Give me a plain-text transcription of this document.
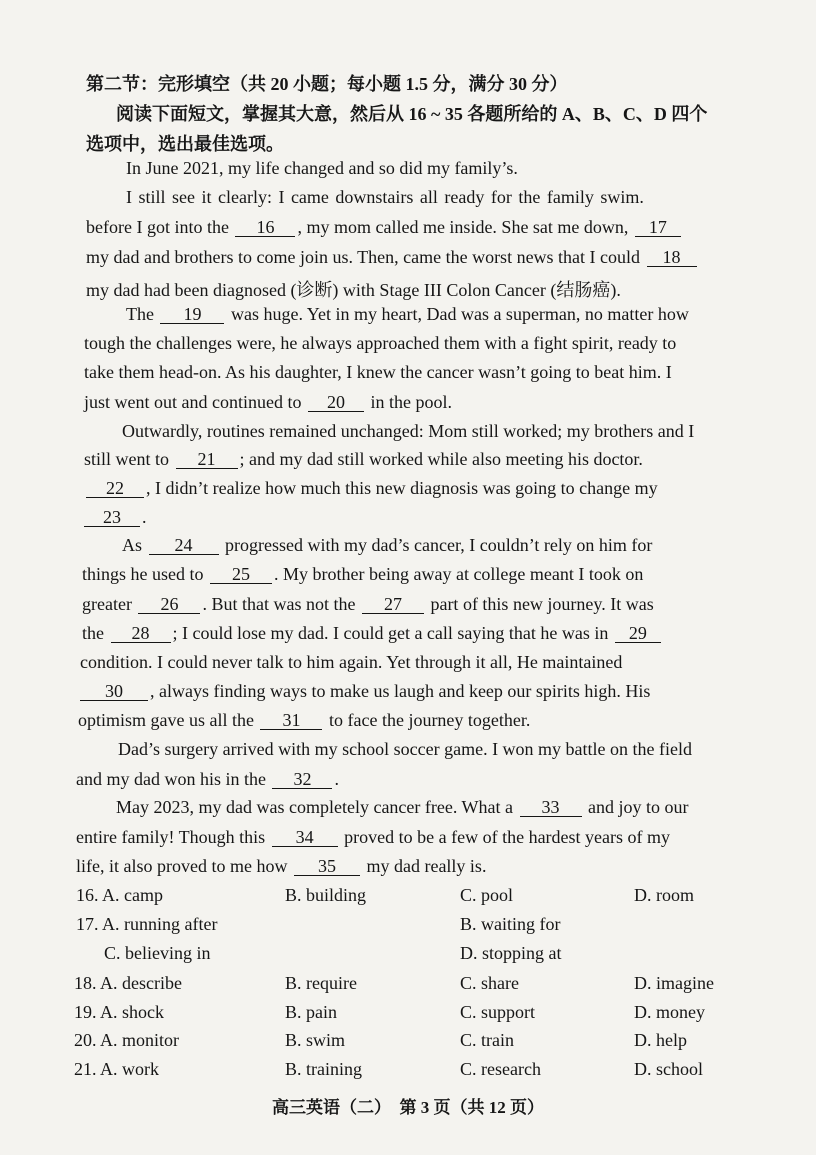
第二节：完形填空（共 20 小题；每小题 1.5 分，满分 30 分）
阅读下面短文，掌握其大意，然后从 16 ~ 35 各题所给的 A、B、C、D 四个
选项中，选出最佳选项。
In June 2021, my life changed and so did my family’s.
I still see it clearly: I came downstairs all ready for the family swim.
before I got into the 16 , my mom called me inside. She sat me down, 17
my dad and brothers to come join us. Then, came the worst news that I could 18
my dad had been diagnosed (诊断) with Stage III Colon Cancer (结肠癌).
The 19 was huge. Yet in my heart, Dad was a superman, no matter how
tough the challenges were, he always approached them with a fight spirit, ready to
take them head-on. As his daughter, I knew the cancer wasn’t going to beat him. I
just went out and continued to 20 in the pool.
Outwardly, routines remained unchanged: Mom still worked; my brothers and I
still went to 21 ; and my dad still worked while also meeting his doctor.
22 , I didn’t realize how much this new diagnosis was going to change my
23 .
As 24 progressed with my dad’s cancer, I couldn’t rely on him for
things he used to 25 . My brother being away at college meant I took on
greater 26 . But that was not the 27 part of this new journey. It was
the 28 ; I could lose my dad. I could get a call saying that he was in 29
condition. I could never talk to him again. Yet through it all, He maintained
30 , always finding ways to make us laugh and keep our spirits high. His
optimism gave us all the 31 to face the journey together.
Dad’s surgery arrived with my school soccer game. I won my battle on the field
and my dad won his in the 32 .
May 2023, my dad was completely cancer free. What a 33 and joy to our
entire family! Though this 34 proved to be a few of the hardest years of my
life, it also proved to me how 35 my dad really is.
16. A. camp	B. building	C. pool	D. room
17. A. running after	B. waiting for
C. believing in	D. stopping at
18. A. describe	B. require	C. share	D. imagine
19. A. shock	B. pain	C. support	D. money
20. A. monitor	B. swim	C. train	D. help
21. A. work	B. training	C. research	D. school
高三英语（二）　第 3 页（共 12 页）
